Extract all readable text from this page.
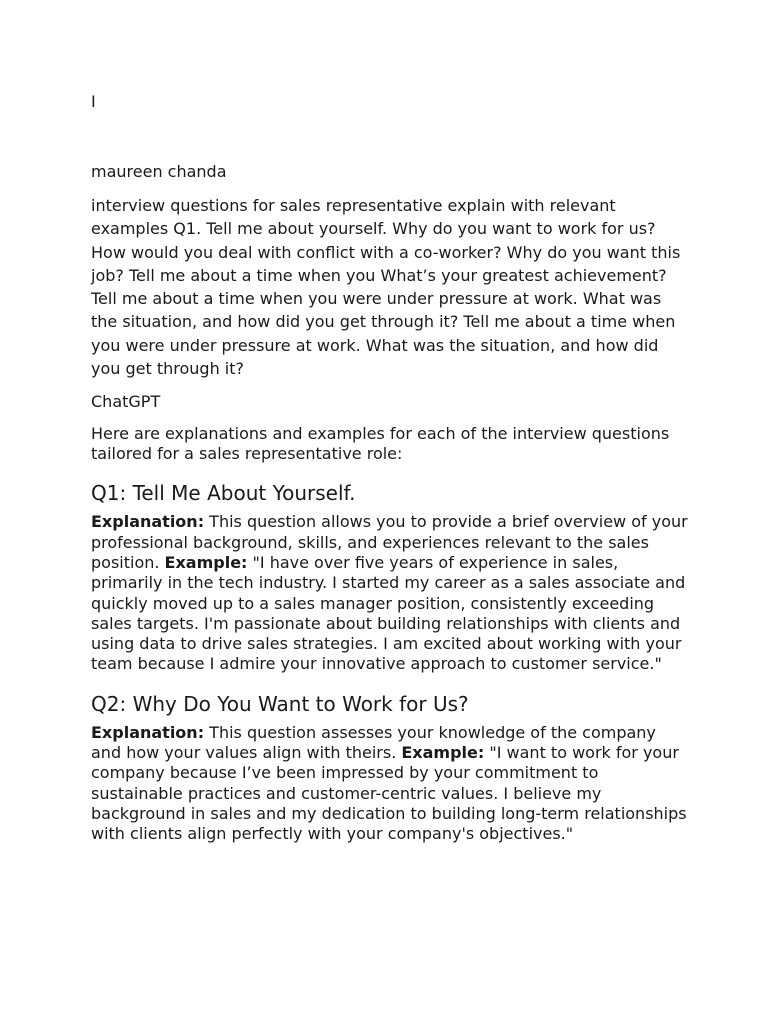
I

maureen chanda

interview questions for sales representative explain with relevant examples Q1. Tell me about yourself. Why do you want to work for us? How would you deal with conflict with a co-worker? Why do you want this job? Tell me about a time when you What’s your greatest achievement? Tell me about a time when you were under pressure at work. What was the situation, and how did you get through it? Tell me about a time when you were under pressure at work. What was the situation, and how did you get through it?

ChatGPT

Here are explanations and examples for each of the interview questions tailored for a sales representative role:

Q1: Tell Me About Yourself.

Explanation: This question allows you to provide a brief overview of your professional background, skills, and experiences relevant to the sales position. Example: "I have over five years of experience in sales, primarily in the tech industry. I started my career as a sales associate and quickly moved up to a sales manager position, consistently exceeding sales targets. I'm passionate about building relationships with clients and using data to drive sales strategies. I am excited about working with your team because I admire your innovative approach to customer service."

Q2: Why Do You Want to Work for Us?

Explanation: This question assesses your knowledge of the company and how your values align with theirs. Example: "I want to work for your company because I’ve been impressed by your commitment to sustainable practices and customer-centric values. I believe my background in sales and my dedication to building long-term relationships with clients align perfectly with your company's objectives."
